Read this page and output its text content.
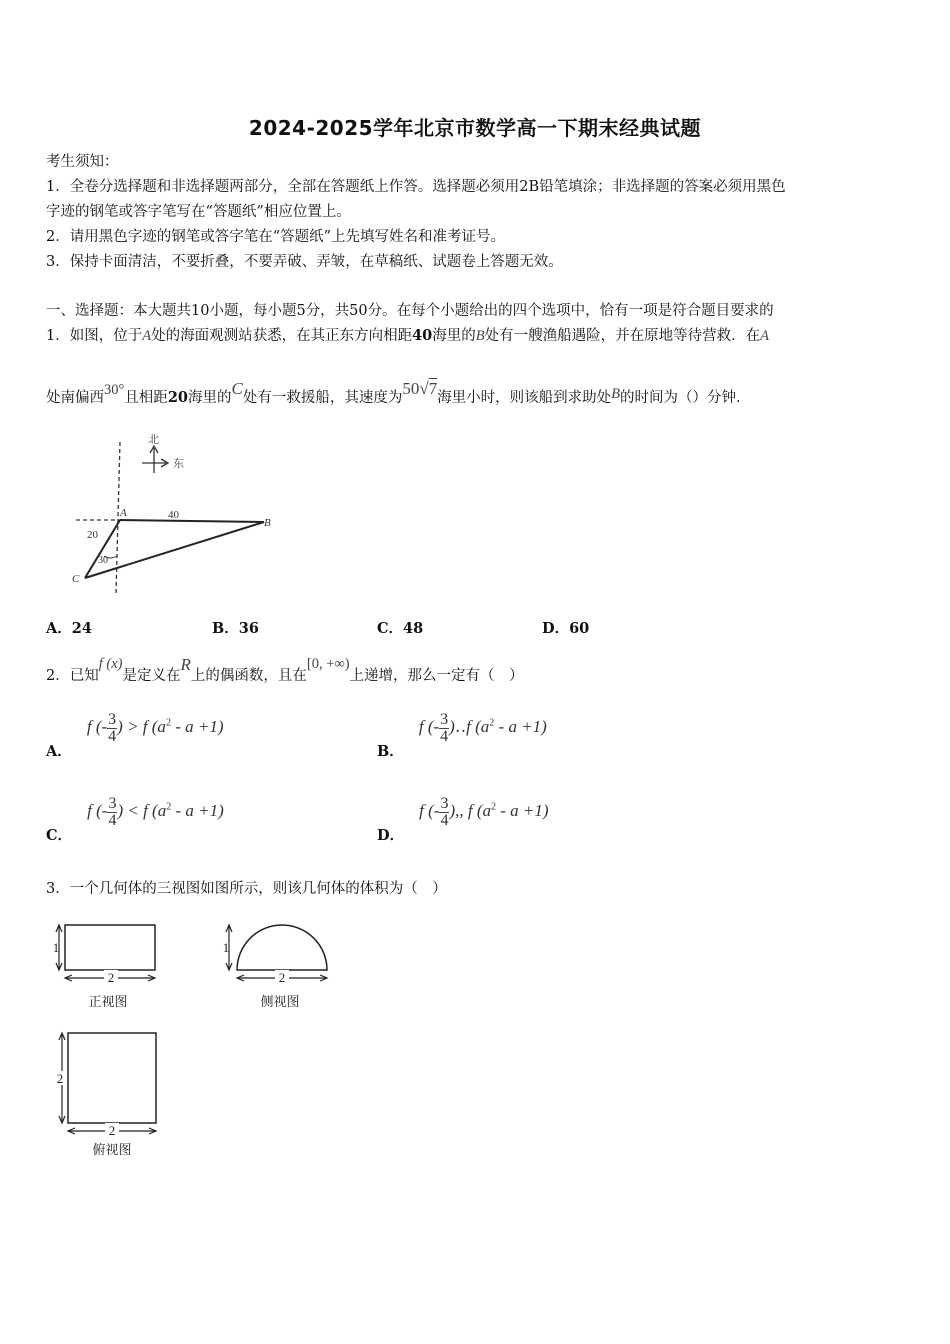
2024-2025学年北京市数学高一下期末经典试题
考生须知：
1．全卷分选择题和非选择题两部分，全部在答题纸上作答。选择题必须用2B铅笔填涂；非选择题的答案必须用黑色
字迹的钢笔或答字笔写在“答题纸”相应位置上。
2．请用黑色字迹的钢笔或答字笔在“答题纸”上先填写姓名和准考证号。
3．保持卡面清洁，不要折叠，不要弄破、弄皱，在草稿纸、试题卷上答题无效。
一、选择题：本大题共10小题，每小题5分，共50分。在每个小题给出的四个选项中，恰有一项是符合题目要求的
1．如图，位于A处的海面观测站获悉，在其正东方向相距40海里的B处有一艘渔船遇险，并在原地等待营救．在A
处南偏西30°且相距20海里的C处有一救援船，其速度为50√7海里小时，则该船到求助处B的时间为（）分钟．
北
东
40
20
30
A
B
C
A．24	B．36	C．48	D．60
2．已知f (x)是定义在R上的偶函数，且在[0, +∞)上递增，那么一定有（　）
A． f (- $\frac{3}{4}$ ) > f $(a^2 - a +1)$
B． f (- $\frac{3}{4}$ )‥f $(a^2 - a +1)$
C． f (- $\frac{3}{4}$ ) < f $(a^2 - a +1)$
D． f (- $\frac{3}{4}$ ),, f $(a^2 - a +1)$
3．一个几何体的三视图如图所示，则该几何体的体积为（　）
1
2
正视图
1
2
侧视图
2
2
俯视图
